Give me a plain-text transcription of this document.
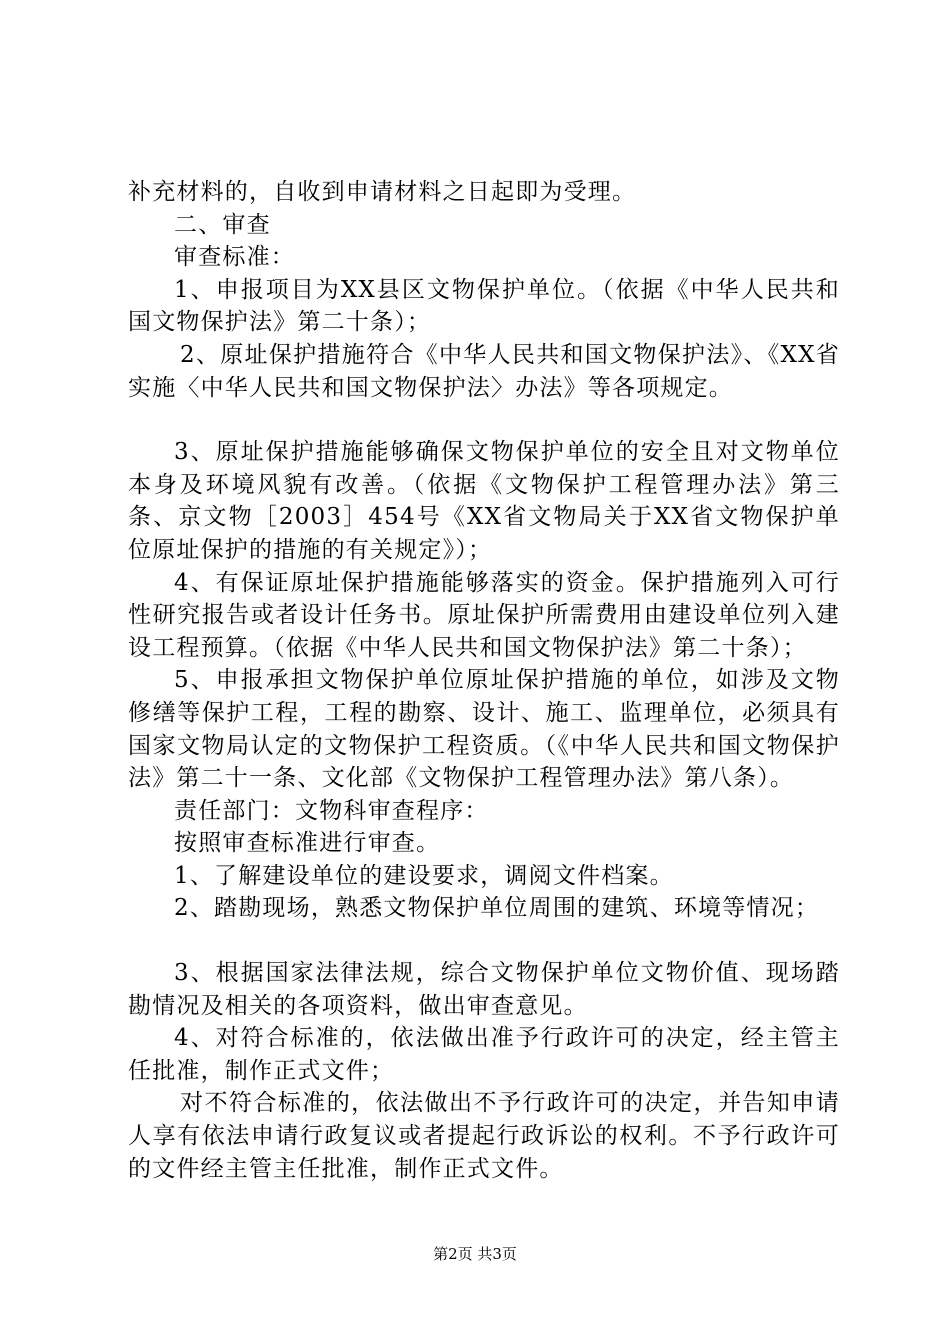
补充材料的，自收到申请材料之日起即为受理。

二、审查

审查标准：

1、申报项目为XX县区文物保护单位。（依据《中华人民共和国文物保护法》第二十条）；

2、原址保护措施符合《中华人民共和国文物保护法》、《XX省实施〈中华人民共和国文物保护法〉办法》等各项规定。

3、原址保护措施能够确保文物保护单位的安全且对文物单位本身及环境风貌有改善。（依据《文物保护工程管理办法》第三条、京文物［2003］454号《XX省文物局关于XX省文物保护单位原址保护的措施的有关规定》）；

4、有保证原址保护措施能够落实的资金。保护措施列入可行性研究报告或者设计任务书。原址保护所需费用由建设单位列入建设工程预算。（依据《中华人民共和国文物保护法》第二十条）；

5、申报承担文物保护单位原址保护措施的单位，如涉及文物修缮等保护工程，工程的勘察、设计、施工、监理单位，必须具有国家文物局认定的文物保护工程资质。（《中华人民共和国文物保护法》第二十一条、文化部《文物保护工程管理办法》第八条）。

责任部门：文物科审查程序：

按照审查标准进行审查。

1、了解建设单位的建设要求，调阅文件档案。

2、踏勘现场，熟悉文物保护单位周围的建筑、环境等情况；

3、根据国家法律法规，综合文物保护单位文物价值、现场踏勘情况及相关的各项资料，做出审查意见。

4、对符合标准的，依法做出准予行政许可的决定，经主管主任批准，制作正式文件；

对不符合标准的，依法做出不予行政许可的决定，并告知申请人享有依法申请行政复议或者提起行政诉讼的权利。不予行政许可的文件经主管主任批准，制作正式文件。

第2页 共3页
